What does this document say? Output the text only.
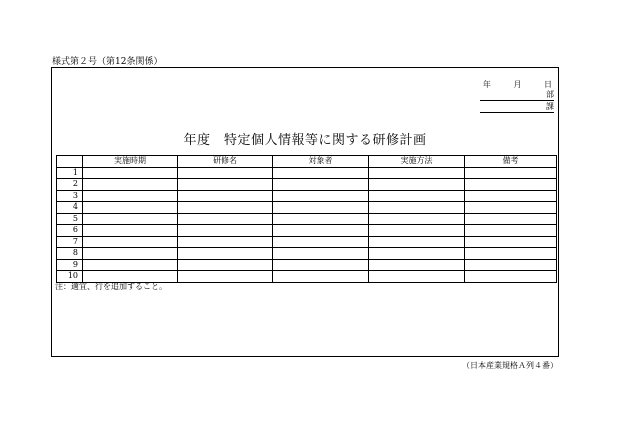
様式第２号（第12条関係）
年	月	日
部
課
年度　特定個人情報等に関する研修計画
	実施時期	研修名	対象者	実施方法	備考
1					
2					
3					
4					
5					
6					
7					
8					
9					
10					
注：適宜、行を追加すること。
（日本産業規格Ａ列４番）
